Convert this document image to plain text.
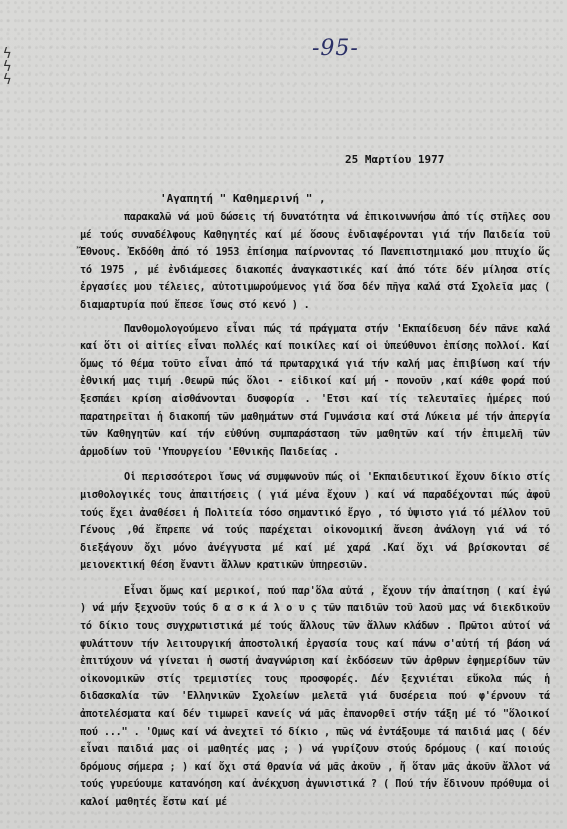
ϟ
ϟ
ϟ
-95-
25 Μαρτίου 1977
'Αγαπητή " Καθημερινή " ,

παρακαλῶ νά μοῦ δώσεις τή δυνατότητα νά ἐπικοινωνήσω ἀπό τίς στῆλες σου μέ τούς συναδέλφους Καθηγητές καί μέ ὅσους ἐνδιαφέρονται γιά τήν Παιδεία τοῦ Ἔθνους. Ἐκδόθη ἀπό τό 1953 ἐπίσημα παίρνοντας τό Πανεπιστημιακό μου πτυχίο ὥς τό 1975 , μέ ἐνδιάμεσες διακοπές ἀναγκαστικές καί ἀπό τότε δέν μίλησα στίς ἐργασίες μου τέλειες, αὐτοτιμωρούμενος γιά ὅσα δέν πῆγα καλά στά Σχολεῖα μας ( διαμαρτυρία πού ἔπεσε ἴσως στό κενό ) .

Πανθομολογούμενο εἶναι πώς τά πράγματα στήν 'Εκπαίδευση δέν πᾶνε καλά καί ὅτι οἱ αἰτίες εἶναι πολλές καί ποικίλες καί οἱ ὑπεύθυνοι ἐπίσης πολλοί. Καί ὅμως τό θέμα τοῦτο εἶναι ἀπό τά πρωταρχικά γιά τήν καλή μας ἐπιβίωση καί τήν ἐθνική μας τιμή .Θεωρῶ πώς ὅλοι - εἰδικοί καί μή - πονοῦν ,καί κάθε φορά πού ξεσπάει κρίση αἰσθάνονται δυσφορία . 'Ετσι καί τίς τελευταῖες ἡμέρες πού παρατηρεῖται ἡ διακοπή τῶν μαθημάτων στά Γυμνάσια καί στά Λύκεια μέ τήν ἀπεργία τῶν Καθηγητῶν καί τήν εὐθύνη συμπαράσταση τῶν μαθητῶν καί τήν ἐπιμελῆ τῶν ἁρμοδίων τοῦ 'Υπουργείου 'Εθνικῆς Παιδείας .

Οἱ περισσότεροι ἴσως νά συμφωνοῦν πώς οἱ 'Εκπαιδευτικοί ἔχουν δίκιο στίς μισθολογικές τους ἀπαιτήσεις ( γιά μένα ἔχουν ) καί νά παραδέχονται πώς ἀφοῦ τούς ἔχει ἀναθέσει ἡ Πολιτεία τόσο σημαντικό ἔργο , τό ὑψιστο γιά τό μέλλον τοῦ Γένους ,θά ἔπρεπε νά τούς παρέχεται οἰκονομική ἄνεση ἀνάλογη γιά νά τό διεξάγουν ὄχι μόνο ἀνέγγυστα μέ καί μέ χαρά .Καί ὄχι νά βρίσκονται σέ μειονεκτική θέση ἔναντι ἄλλων κρατικῶν ὑπηρεσιῶν.

Εἶναι ὅμως καί μερικοί, πού παρ'ὅλα αὐτά , ἔχουν τήν ἀπαίτηση ( καί ἐγώ ) νά μήν ξεχνοῦν τούς δ α σ κ ά λ ο υ ς τῶν παιδιῶν τοῦ λαοῦ μας νά διεκδικοῦν τό δίκιο τους συγχρωτιστικά μέ τούς ἄλλους τῶν ἄλλων κλάδων . Πρῶτοι αὐτοί νά φυλάττουν τήν λειτουργική ἀποστολική ἐργασία τους καί πάνω σ'αὐτή τή βάση νά ἐπιτύχουν νά γίνεται ἡ σωστή ἀναγνώριση καί ἐκδόσεων τῶν ἀρθρων ἐφημερίδων τῶν οἰκονομικῶν στίς τρεμιστίες τους προσφορές. Δέν ξεχνιέται εὔκολα πώς ἡ διδασκαλία τῶν 'Ελληνικῶν Σχολείων μελετᾶ γιά δυσέρεια πού φ'έρνουν τά ἀποτελέσματα καί δέν τιμωρεῖ κανείς νά μᾶς ἐπανορθεῖ στήν τάξη μέ τό "ὅλοικοί πού ..." . 'Ομως καί νά ἀνεχτεῖ τό δίκιο , πῶς νά ἐντάξουμε τά παιδιά μας ( δέν εἶναι παιδιά μας οἱ μαθητές μας ; ) νά γυρίζουν στούς δρόμους ( καί ποιούς δρόμους σήμερα ; ) καί ὄχι στά θρανία νά μᾶς ἀκοῦν , ἤ ὅταν μᾶς ἀκοῦν ἄλλοτ νά τούς γυρεύουμε κατανόηση καί ἀνέκχυση ἀγωνιστικά ? ( Πού τήν ἔδινουν πρόθυμα οἱ καλοί μαθητές ἔστω καί μέ
